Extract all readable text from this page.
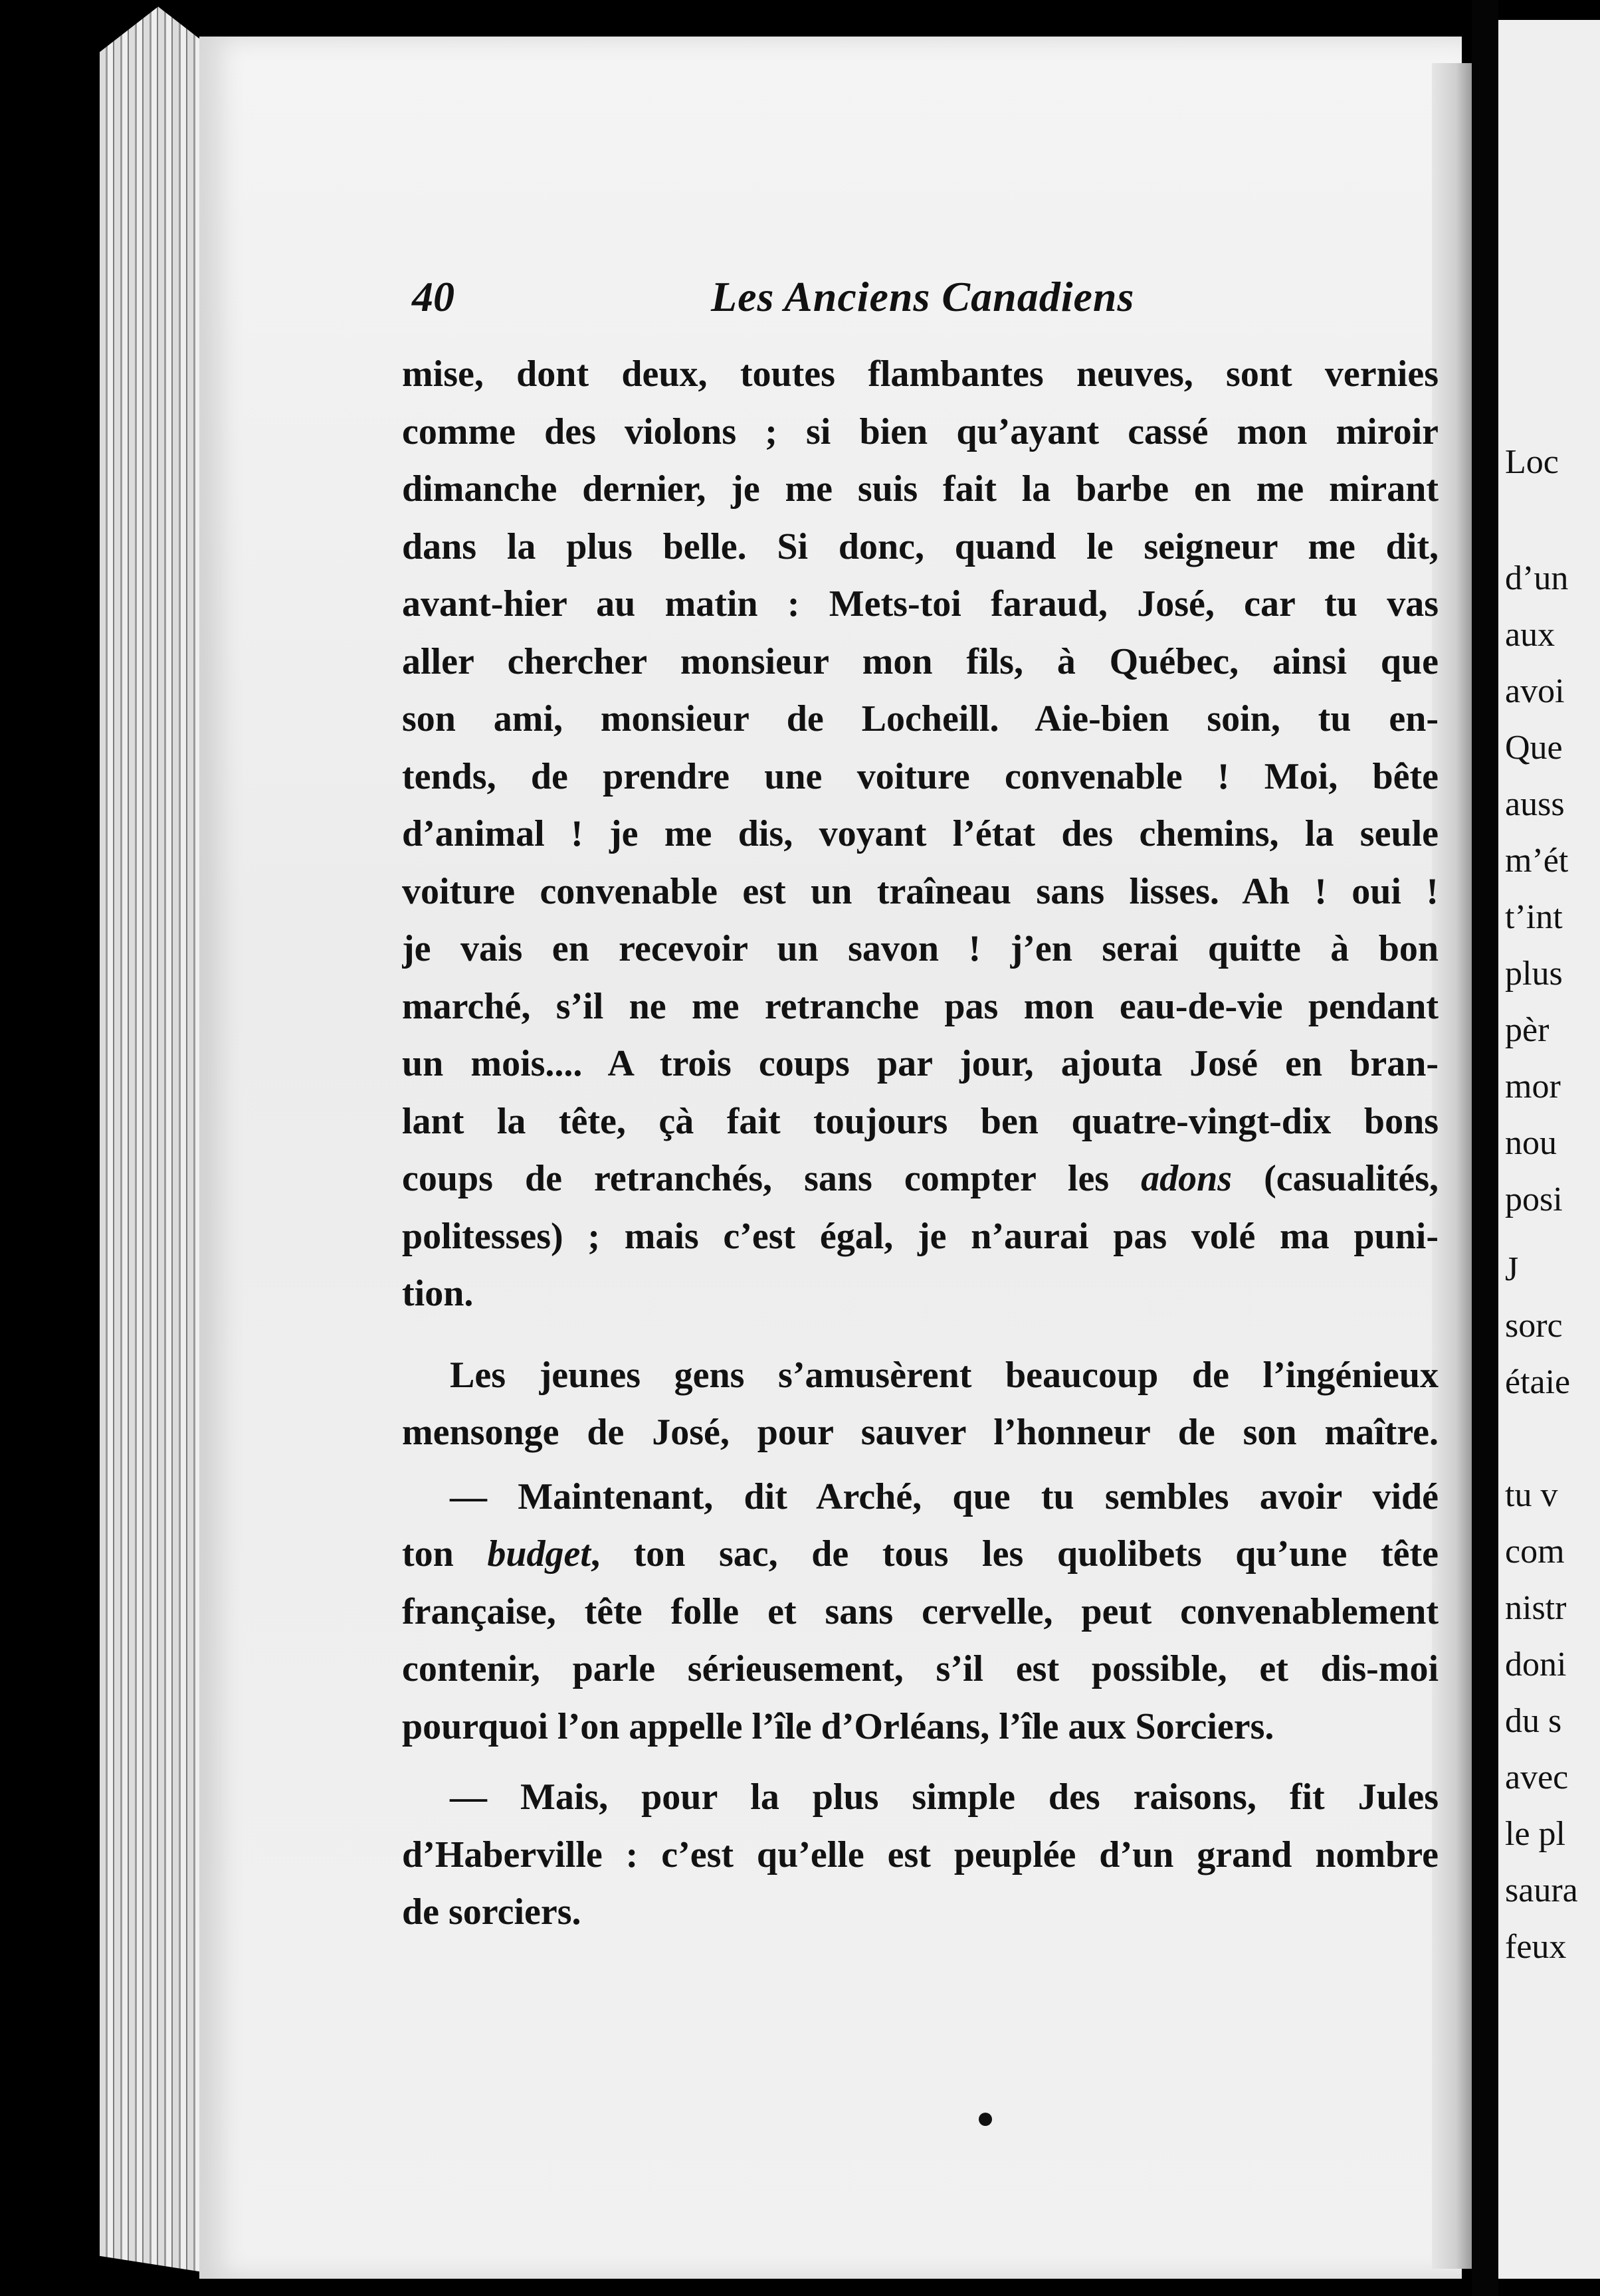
Loc
d’un
aux
avoi
Que
auss
m’ét
t’int
plus
pèr
mor
nou
posi
J
sorc
étaie
tu v
com
nistr
doni
du s
avec
le pl
saura
feux
40	Les Anciens Canadiens
mise, dont deux, toutes flambantes neuves, sont vernies
comme des violons ; si bien qu’ayant cassé mon miroir
dimanche dernier, je me suis fait la barbe en me mirant
dans la plus belle. Si donc, quand le seigneur me dit,
avant-hier au matin : Mets-toi faraud, José, car tu vas
aller chercher monsieur mon fils, à Québec, ainsi que
son ami, monsieur de Locheill. Aie-bien soin, tu en-
tends, de prendre une voiture convenable ! Moi, bête
d’animal ! je me dis, voyant l’état des chemins, la seule
voiture convenable est un traîneau sans lisses. Ah ! oui !
je vais en recevoir un savon ! j’en serai quitte à bon
marché, s’il ne me retranche pas mon eau-de-vie pendant
un mois.... A trois coups par jour, ajouta José en bran-
lant la tête, çà fait toujours ben quatre-vingt-dix bons
coups de retranchés, sans compter les adons (casualités,
politesses) ; mais c’est égal, je n’aurai pas volé ma puni-
tion.
Les jeunes gens s’amusèrent beaucoup de l’ingénieux
mensonge de José, pour sauver l’honneur de son maître.
— Maintenant, dit Arché, que tu sembles avoir vidé
ton budget, ton sac, de tous les quolibets qu’une tête
française, tête folle et sans cervelle, peut convenablement
contenir, parle sérieusement, s’il est possible, et dis-moi
pourquoi l’on appelle l’île d’Orléans, l’île aux Sorciers.
— Mais, pour la plus simple des raisons, fit Jules
d’Haberville : c’est qu’elle est peuplée d’un grand nombre
de sorciers.
